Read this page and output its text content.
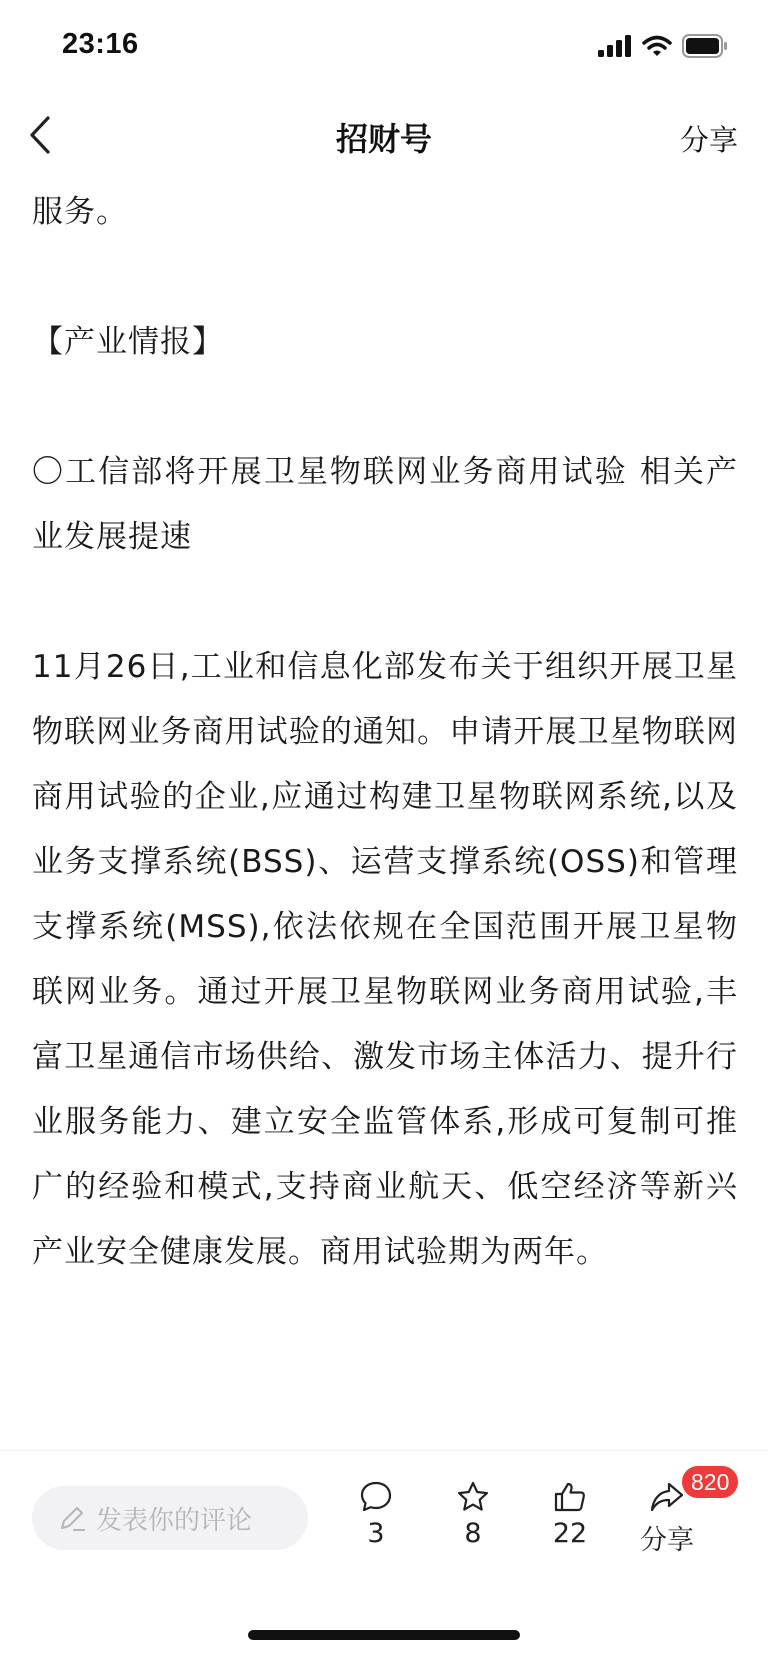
23:16
招财号	分享

服务。

【产业情报】

〇工信部将开展卫星物联网业务商用试验 相关产业发展提速

11月26日,工业和信息化部发布关于组织开展卫星物联网业务商用试验的通知。申请开展卫星物联网商用试验的企业,应通过构建卫星物联网系统,以及业务支撑系统(BSS)、运营支撑系统(OSS)和管理支撑系统(MSS),依法依规在全国范围开展卫星物联网业务。通过开展卫星物联网业务商用试验,丰富卫星通信市场供给、激发市场主体活力、提升行业服务能力、建立安全监管体系,形成可复制可推广的经验和模式,支持商业航天、低空经济等新兴产业安全健康发展。商用试验期为两年。

发表你的评论	3	8	22 分享
820
